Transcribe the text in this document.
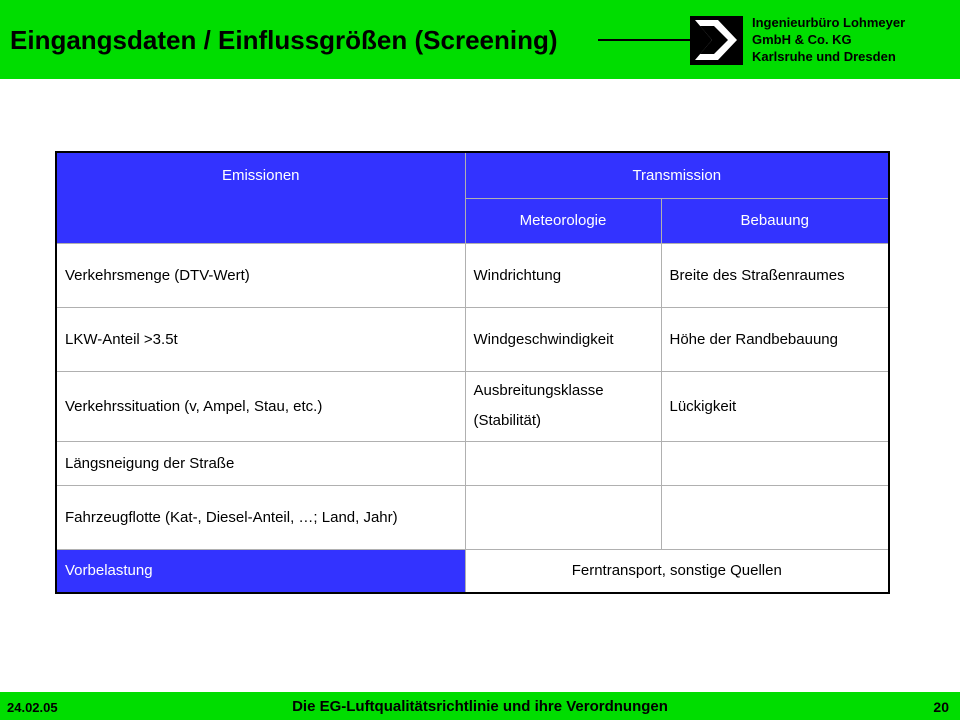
Eingangsdaten / Einflussgrößen (Screening)
Ingenieurbüro Lohmeyer
GmbH & Co. KG
Karlsruhe und Dresden
Emissionen	Transmission	
	Meteorologie	Bebauung
Verkehrsmenge (DTV-Wert)	Windrichtung	Breite des Straßenraumes
LKW-Anteil >3.5t	Windgeschwindigkeit	Höhe der Randbebauung
Verkehrssituation (v, Ampel, Stau, etc.)	Ausbreitungsklasse (Stabilität)	Lückigkeit
Längsneigung der Straße		
Fahrzeugflotte (Kat-, Diesel-Anteil, …; Land, Jahr)		
Vorbelastung	Ferntransport, sonstige Quellen	
24.02.05	Die EG-Luftqualitätsrichtlinie und ihre Verordnungen	20
